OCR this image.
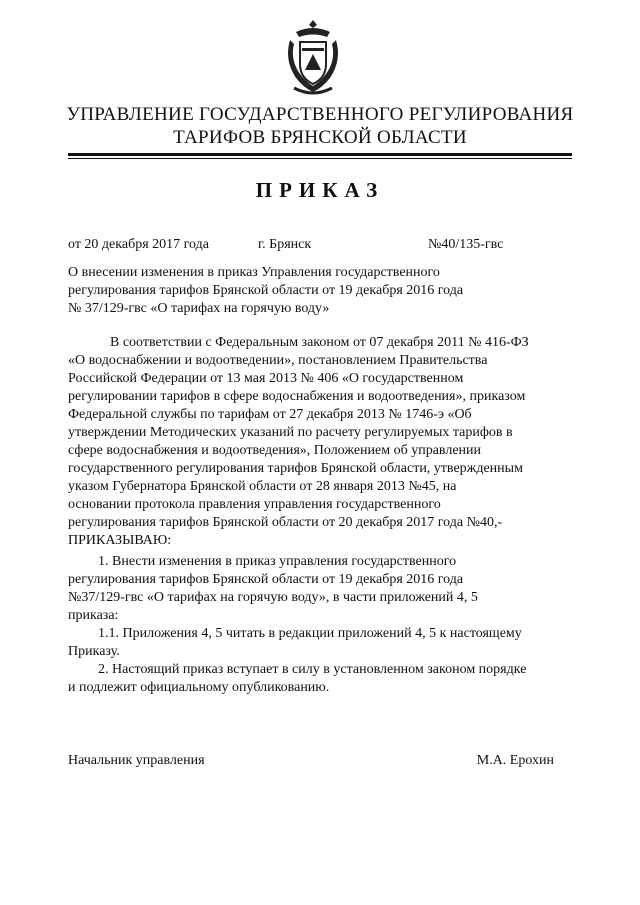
УПРАВЛЕНИЕ ГОСУДАРСТВЕННОГО РЕГУЛИРОВАНИЯ
ТАРИФОВ БРЯНСКОЙ ОБЛАСТИ
ПРИКАЗ
от 20 декабря 2017 года	г. Брянск	№40/135-гвс
О внесении изменения в приказ Управления государственного
регулирования тарифов Брянской области от 19 декабря 2016 года
№ 37/129-гвс «О тарифах на горячую воду»
В соответствии с Федеральным законом от 07 декабря 2011 № 416-ФЗ
«О водоснабжении и водоотведении», постановлением Правительства
Российской Федерации от 13 мая 2013 № 406 «О государственном
регулировании тарифов в сфере водоснабжения и водоотведения», приказом
Федеральной службы по тарифам от 27 декабря 2013 № 1746-э «Об
утверждении Методических указаний по расчету регулируемых тарифов в
сфере водоснабжения и водоотведения», Положением об управлении
государственного регулирования тарифов Брянской области, утвержденным
указом Губернатора Брянской области от 28 января 2013 №45, на
основании протокола правления управления государственного
регулирования тарифов Брянской области от 20 декабря 2017 года №40,-
ПРИКАЗЫВАЮ:
1. Внести изменения в приказ управления государственного
регулирования тарифов Брянской области от 19 декабря 2016 года
№37/129-гвс «О тарифах на горячую воду», в части приложений 4, 5
приказа:
1.1. Приложения 4, 5 читать в редакции приложений 4, 5 к настоящему
Приказу.
2. Настоящий приказ вступает в силу в установленном законом порядке
и подлежит официальному опубликованию.
Начальник управления	М.А. Ерохин
